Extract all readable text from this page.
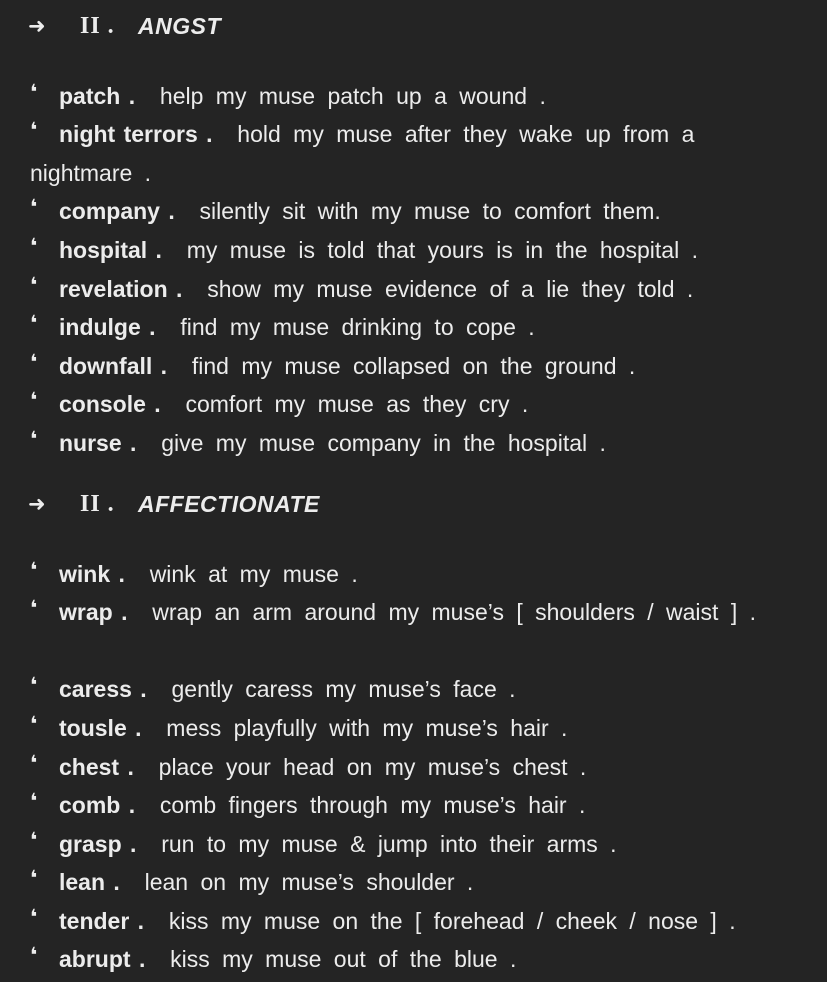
➜	II .	ANGST
❛ patch . help my muse patch up a wound .
❛ night terrors . hold my muse after they wake up from a nightmare .
❛ company . silently sit with my muse to comfort them.
❛ hospital . my muse is told that yours is in the hospital .
❛ revelation . show my muse evidence of a lie they told .
❛ indulge . find my muse drinking to cope .
❛ downfall . find my muse collapsed on the ground .
❛ console . comfort my muse as they cry .
❛ nurse . give my muse company in the hospital .
➜	II .	AFFECTIONATE
❛ wink . wink at my muse .
❛ wrap . wrap an arm around my muse’s [ shoulders / waist ] .
❛ caress . gently caress my muse’s face .
❛ tousle . mess playfully with my muse’s hair .
❛ chest . place your head on my muse’s chest .
❛ comb . comb fingers through my muse’s hair .
❛ grasp . run to my muse & jump into their arms .
❛ lean . lean on my muse’s shoulder .
❛ tender . kiss my muse on the [ forehead / cheek / nose ] .
❛ abrupt . kiss my muse out of the blue .
